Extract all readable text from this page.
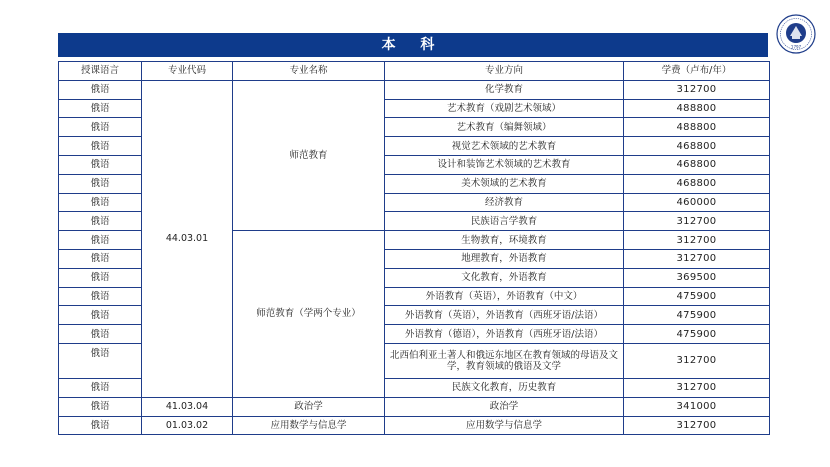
本 科	1797
授课语言	专业代码	专业名称	专业方向	学费（卢布/年）
俄语	44.03.01	师范教育	化学教育	312700
俄语			艺术教育（戏剧艺术领域）	488800
俄语			艺术教育（编舞领域）	488800
俄语			视觉艺术领域的艺术教育	468800
俄语			设计和装饰艺术领域的艺术教育	468800
俄语			美术领域的艺术教育	468800
俄语			经济教育	460000
俄语			民族语言学教育	312700
俄语		师范教育（学两个专业）	生物教育，环境教育	312700
俄语			地理教育，外语教育	312700
俄语			文化教育，外语教育	369500
俄语			外语教育（英语），外语教育（中文）	475900
俄语			外语教育（英语），外语教育（西班牙语/法语）	475900
俄语			外语教育（德语），外语教育（西班牙语/法语）	475900
俄语			北西伯利亚土著人和俄远东地区在教育领域的母语及文学，教育领域的俄语及文学	312700
俄语			民族文化教育，历史教育	312700
俄语	41.03.04	政治学	政治学	341000
俄语	01.03.02	应用数学与信息学	应用数学与信息学	312700
